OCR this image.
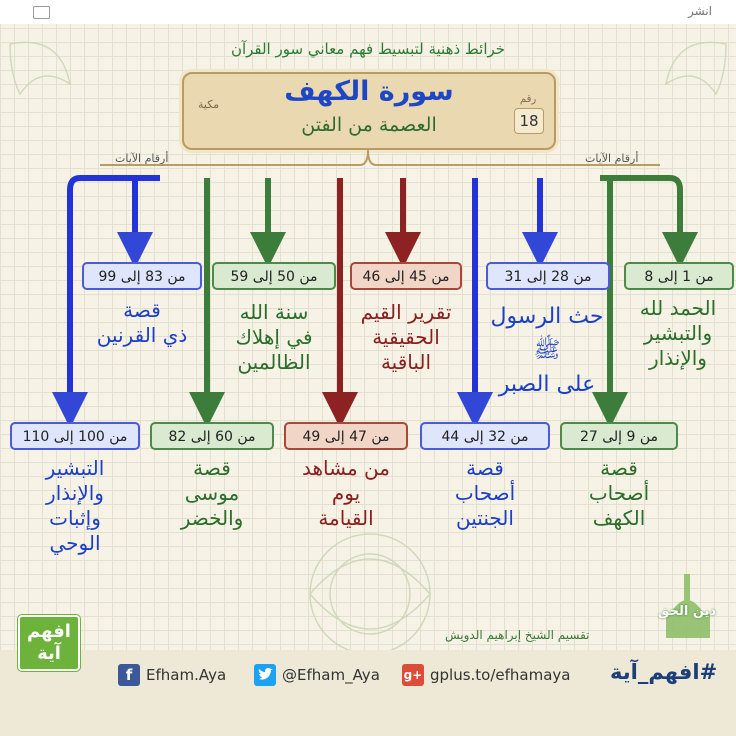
انشر
خرائط ذهنية لتبسيط فهم معاني سور القرآن
سورة الكهف
العصمة من الفتن
مكية	رقم
18
أرقام الآيات	أرقام الآيات
من 1 إلى 8
الحمد لله
والتبشير
والإنذار
من 28 إلى 31
حث الرسول ﷺ
على الصبر
من 45 إلى 46
تقرير القيم
الحقيقية
الباقية
من 50 إلى 59
سنة الله
في إهلاك
الظالمين
من 83 إلى 99
قصة
ذي القرنين
من 9 إلى 27
قصة
أصحاب
الكهف
من 32 إلى 44
قصة
أصحاب
الجنتين
من 47 إلى 49
من مشاهد
يوم
القيامة
من 60 إلى 82
قصة
موسى
والخضر
من 100 إلى 110
التبشير
والإنذار
وإثبات
الوحي
تقسيم الشيخ إبراهيم الدويش
دين الحق
افهم آية
f Efham.Aya	@Efham_Aya g+ gplus.to/efhamaya #افهم_آية
